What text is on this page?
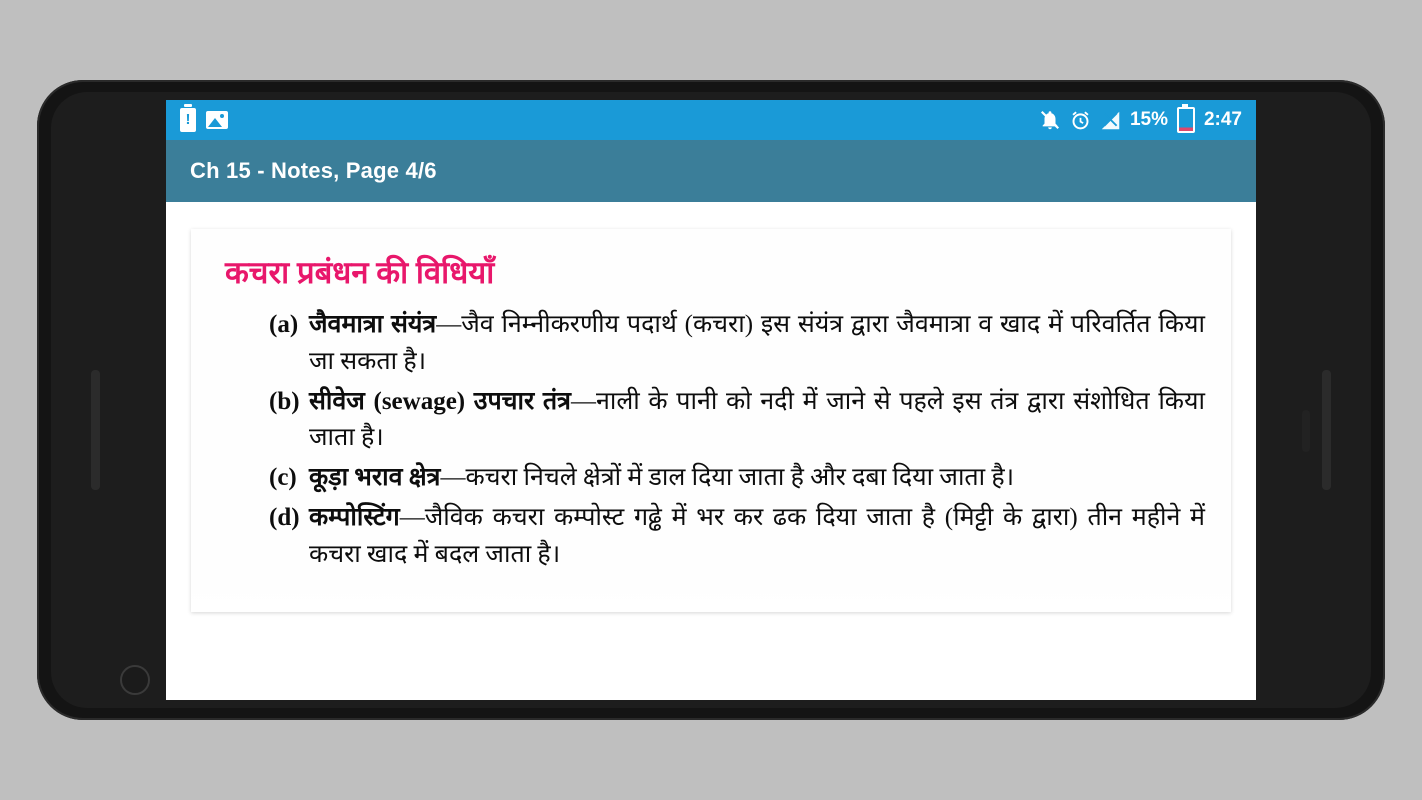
!	15% 2:47
Ch 15 - Notes, Page 4/6
कचरा प्रबंधन की विधियाँ
(a) जैवमात्रा संयंत्र—जैव निम्नीकरणीय पदार्थ (कचरा) इस संयंत्र द्वारा जैवमात्रा व खाद में परिवर्तित किया जा सकता है।
(b) सीवेज (sewage) उपचार तंत्र—नाली के पानी को नदी में जाने से पहले इस तंत्र द्वारा संशोधित किया जाता है।
(c) कूड़ा भराव क्षेत्र—कचरा निचले क्षेत्रों में डाल दिया जाता है और दबा दिया जाता है।
(d) कम्पोस्टिंग—जैविक कचरा कम्पोस्ट गढ्ढे में भर कर ढक दिया जाता है (मिट्टी के द्वारा) तीन महीने में कचरा खाद में बदल जाता है।
